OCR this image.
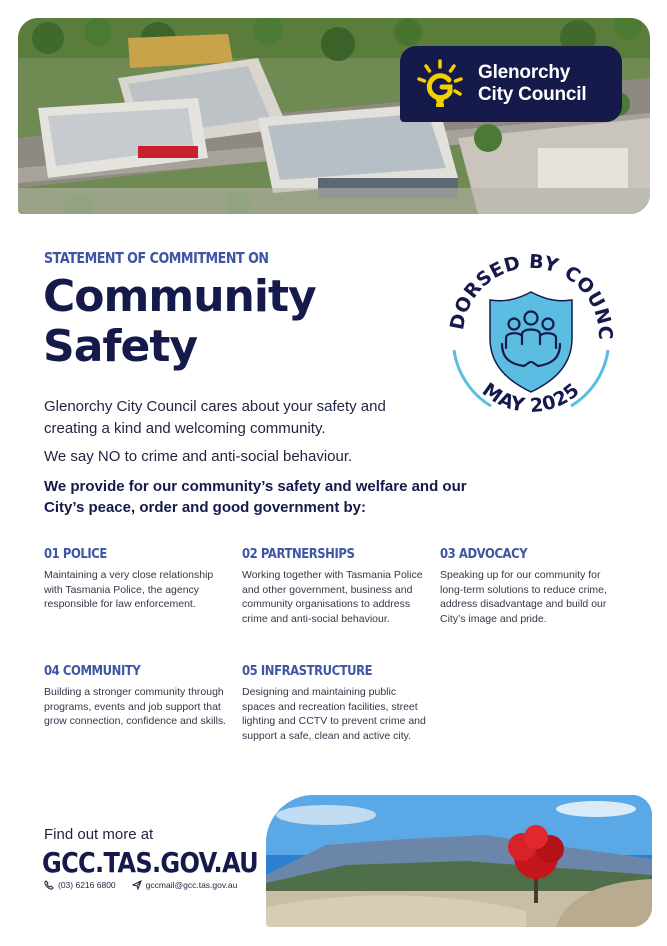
Glenorchy
City Council
STATEMENT OF COMMITMENT ON
Community
Safety	DORSED BY COUNC
MAY 2025
Glenorchy City Council cares about your safety and creating a kind and welcoming community.
We say NO to crime and anti-social behaviour.
We provide for our community’s safety and welfare and our City’s peace, order and good government by:
01 POLICE
Maintaining a very close relationship with Tasmania Police, the agency responsible for law enforcement.
02 PARTNERSHIPS
Working together with Tasmania Police and other government, business and community organisations to address crime and anti-social behaviour.
03 ADVOCACY
Speaking up for our community for long-term solutions to reduce crime, address disadvantage and build our City’s image and pride.
04 COMMUNITY
Building a stronger community through programs, events and job support that grow connection, confidence and skills.
05 INFRASTRUCTURE
Designing and maintaining public spaces and recreation facilities, street lighting and CCTV to prevent crime and support a safe, clean and active city.
Find out more at
GCC.TAS.GOV.AU
(03) 6216 6800	gccmail@gcc.tas.gov.au
